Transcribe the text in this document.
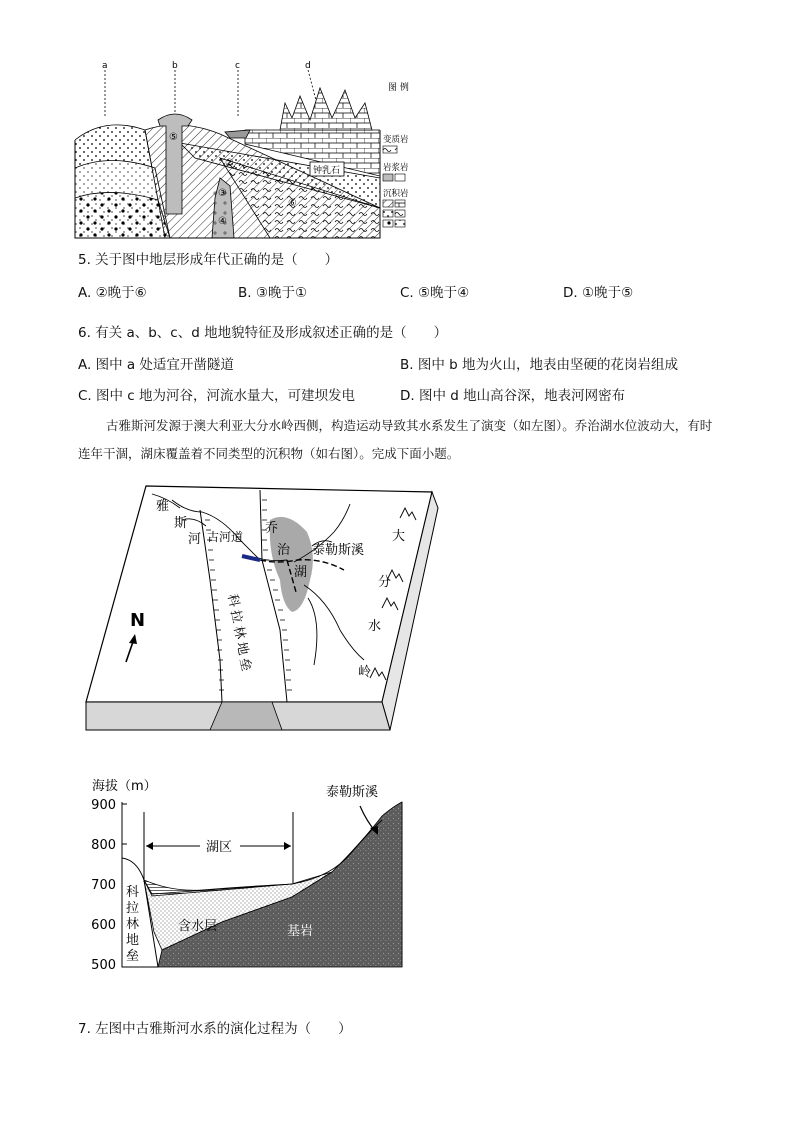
a	b	c	d
⑤
②
③
④
⑥
钟乳石
图 例
变质岩
岩浆岩
沉积岩
5. 关于图中地层形成年代正确的是（　　）
A. ②晚于⑥	B. ③晚于①	C. ⑤晚于④	D. ①晚于⑤
6. 有关 a、b、c、d 地地貌特征及形成叙述正确的是（　　）
A. 图中 a 处适宜开凿隧道	B. 图中 b 地为火山，地表由坚硬的花岗岩组成
C. 图中 c 地为河谷，河流水量大，可建坝发电	D. 图中 d 地山高谷深，地表河网密布
古雅斯河发源于澳大利亚大分水岭西侧，构造运动导致其水系发生了演变（如左图）。乔治湖水位波动大，有时连年干涸，湖床覆盖着不同类型的沉积物（如右图）。完成下面小题。
N
雅
斯
河 古河道
乔
治
湖
泰勒斯溪
科
拉
林
地
垒
大
分
水
岭
海拔（m）
900
800
700
600
500
湖区
泰勒斯溪
含水层	基岩
科
拉
林
地
垒
7. 左图中古雅斯河水系的演化过程为（　　）
